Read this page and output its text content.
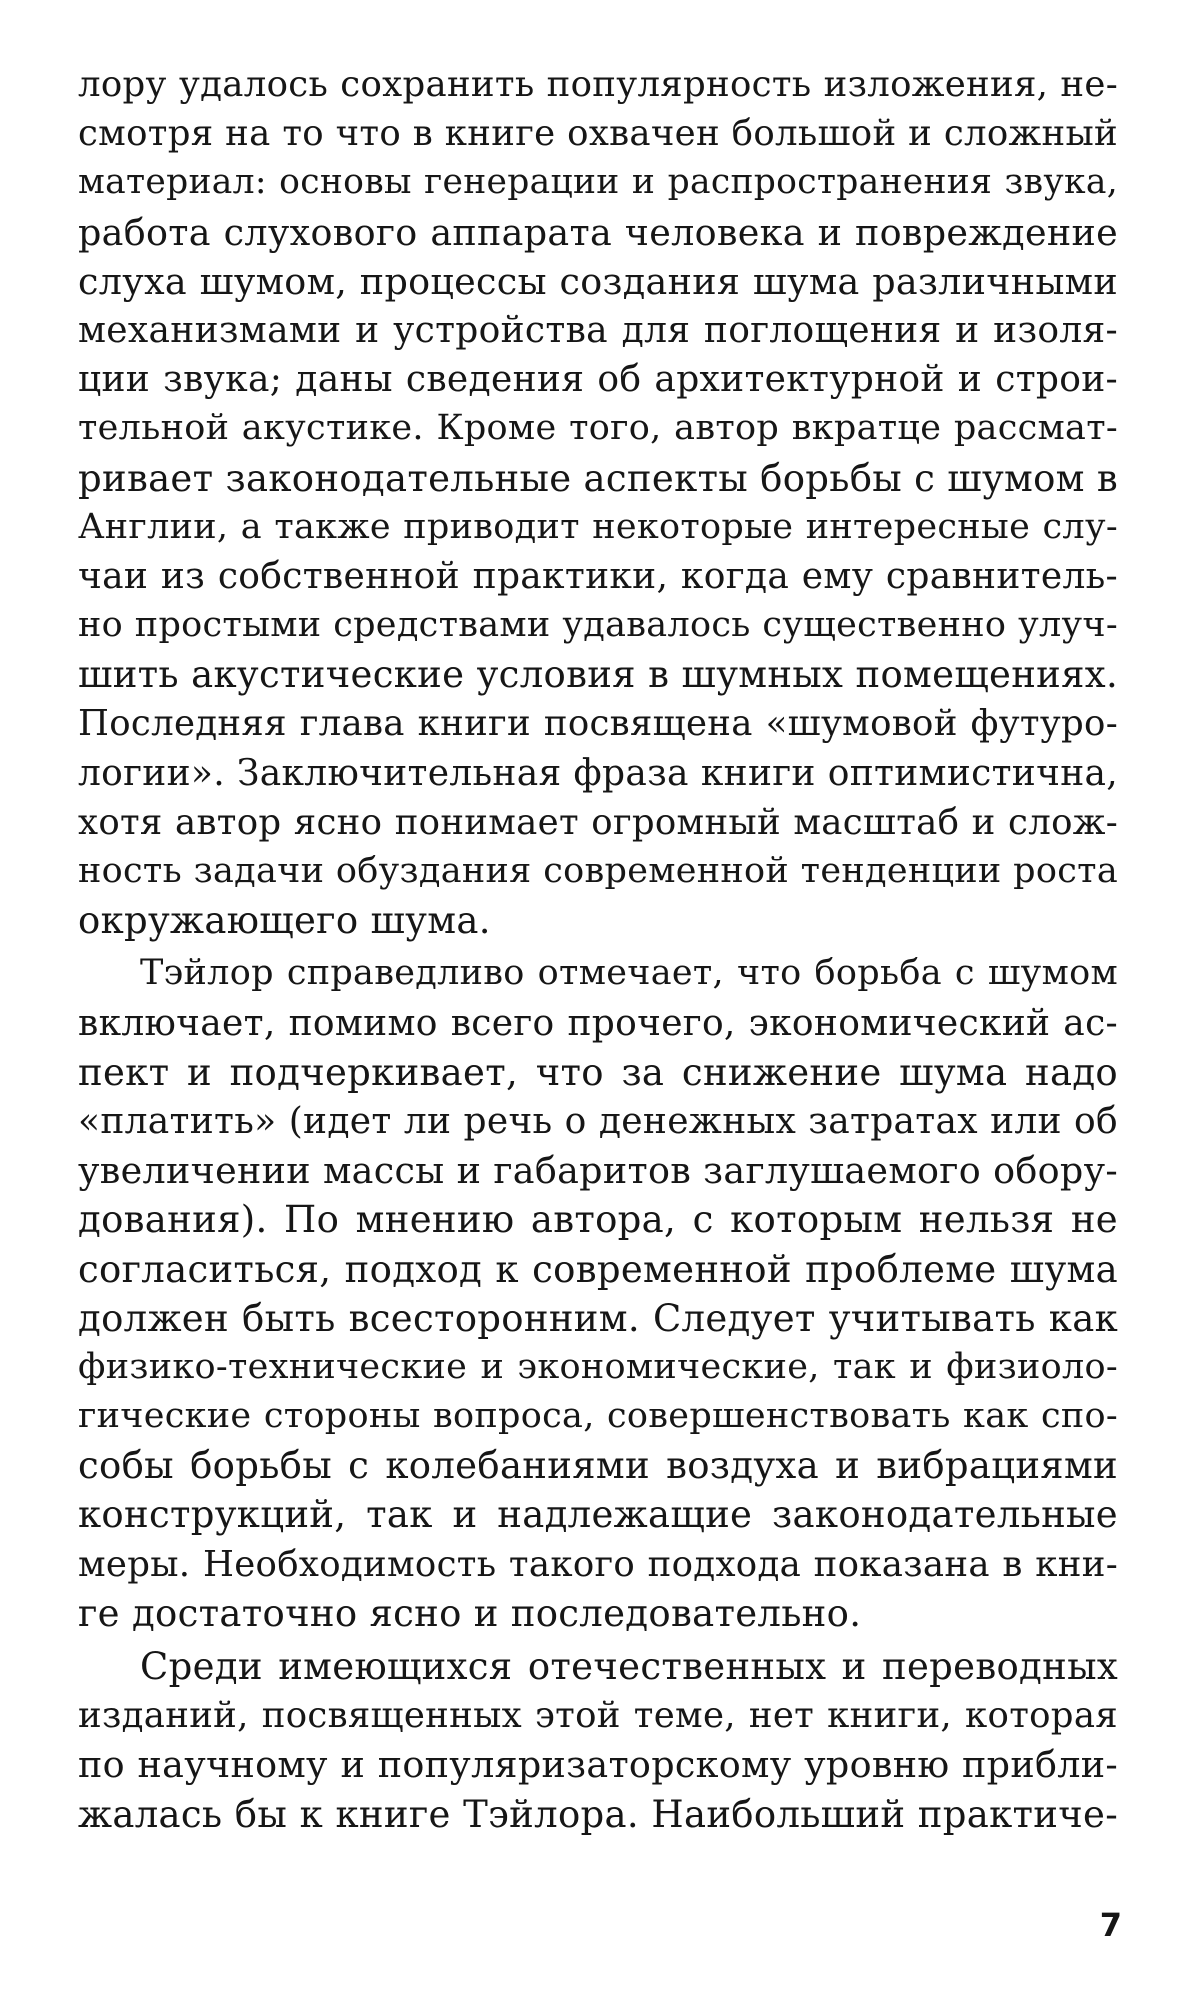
лору удалось сохранить популярность изложения, не-
смотря на то что в книге охвачен большой и сложный
материал: основы генерации и распространения звука,
работа слухового аппарата человека и повреждение
слуха шумом, процессы создания шума различными
механизмами и устройства для поглощения и изоля-
ции звука; даны сведения об архитектурной и строи-
тельной акустике. Кроме того, автор вкратце рассмат-
ривает законодательные аспекты борьбы с шумом в
Англии, а также приводит некоторые интересные слу-
чаи из собственной практики, когда ему сравнитель-
но простыми средствами удавалось существенно улуч-
шить акустические условия в шумных помещениях.
Последняя глава книги посвящена «шумовой футуро-
логии». Заключительная фраза книги оптимистична,
хотя автор ясно понимает огромный масштаб и слож-
ность задачи обуздания современной тенденции роста
окружающего шума.
Тэйлор справедливо отмечает, что борьба с шумом
включает, помимо всего прочего, экономический ас-
пект и подчеркивает, что за снижение шума надо
«платить» (идет ли речь о денежных затратах или об
увеличении массы и габаритов заглушаемого обору-
дования). По мнению автора, с которым нельзя не
согласиться, подход к современной проблеме шума
должен быть всесторонним. Следует учитывать как
физико-технические и экономические, так и физиоло-
гические стороны вопроса, совершенствовать как спо-
собы борьбы с колебаниями воздуха и вибрациями
конструкций, так и надлежащие законодательные
меры. Необходимость такого подхода показана в кни-
ге достаточно ясно и последовательно.
Среди имеющихся отечественных и переводных
изданий, посвященных этой теме, нет книги, которая
по научному и популяризаторскому уровню прибли-
жалась бы к книге Тэйлора. Наибольший практиче-
7
